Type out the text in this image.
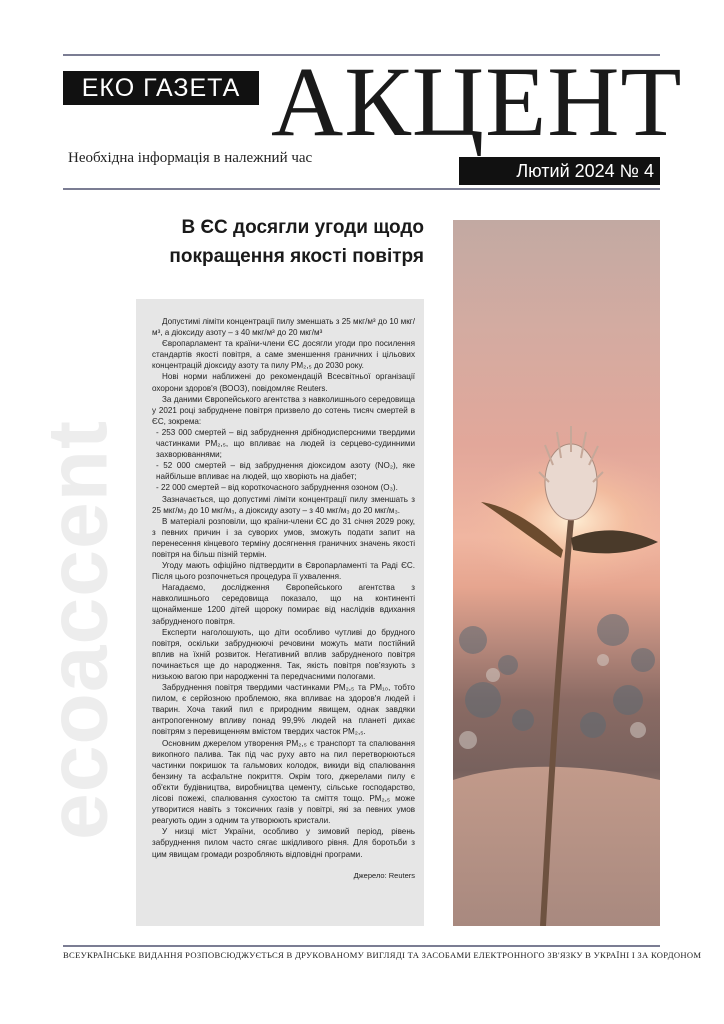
ЕКО ГАЗЕТА АКЦЕНТ
Необхідна інформація в належний час
Лютий 2024 № 4
ecoaccent
В ЄС досягли угоди щодо покращення якості повітря

Допустимі ліміти концентрації пилу зменшать з 25 мкг/м³ до 10 мкг/м³, а діоксиду азоту – з 40 мкг/м³ до 20 мкг/м³

Європарламент та країни-члени ЄС досягли угоди про посилення стандартів якості повітря, а саме зменшення граничних і цільових концентрацій діоксиду азоту та пилу PM₂,₅ до 2030 року.

Нові норми наближені до рекомендацій Всесвітньої організації охорони здоров'я (ВООЗ), повідомляє Reuters.

За даними Європейського агентства з навколишнього середовища у 2021 році забруднене повітря призвело до сотень тисяч смертей в ЄС, зокрема:

- 253 000 смертей – від забруднення дрібнодисперсними твердими частинками PM₂,₅, що впливає на людей із серцево-судинними захворюваннями;

- 52 000 смертей – від забруднення діоксидом азоту (NO₂), яке найбільше впливає на людей, що хворіють на діабет;

- 22 000 смертей – від короткочасного забруднення озоном (O₃).

Зазначається, що допустимі ліміти концентрації пилу зменшать з 25 мкг/м₃ до 10 мкг/м₃, а діоксиду азоту – з 40 мкг/м₃ до 20 мкг/м₃.

В матеріалі розповіли, що країни-члени ЄС до 31 січня 2029 року, з певних причин і за суворих умов, зможуть подати запит на перенесення кінцевого терміну досягнення граничних значень якості повітря на більш пізній термін.

Угоду мають офіційно підтвердити в Європарламенті та Раді ЄС. Після цього розпочнеться процедура її ухвалення.

Нагадаємо, дослідження Європейського агентства з навколишнього середовища показало, що на континенті щонайменше 1200 дітей щороку помирає від наслідків вдихання забрудненого повітря.

Експерти наголошують, що діти особливо чутливі до брудного повітря, оскільки забруднюючі речовини можуть мати постійний вплив на їхній розвиток. Негативний вплив забрудненого повітря починається ще до народження. Так, якість повітря пов'язують з низькою вагою при народженні та передчасними пологами.

Забруднення повітря твердими частинками PM₂,₅ та PM₁₀, тобто пилом, є серйозною проблемою, яка впливає на здоров'я людей і тварин. Хоча такий пил є природним явищем, однак завдяки антропогенному впливу понад 99,9% людей на планеті дихає повітрям з перевищенням вмістом твердих часток PM₂,₅.

Основним джерелом утворення PM₂,₅ є транспорт та спалювання викопного палива. Так під час руху авто на пил перетворюються частинки покришок та гальмових колодок, викиди від спалювання бензину та асфальтне покриття. Окрім того, джерелами пилу є об'єкти будівництва, виробництва цементу, сільське господарство, лісові пожежі, спалювання сухостою та сміття тощо. PM₂,₅ може утворитися навіть з токсичних газів у повітрі, які за певних умов реагують один з одним та утворюють кристали.

У низці міст України, особливо у зимовий період, рівень забруднення пилом часто сягає шкідливого рівня. Для боротьби з цим явищам громади розробляють відповідні програми.

Джерело: Reuters

ВСЕУКРАЇНСЬКЕ ВИДАННЯ РОЗПОВСЮДЖУЄТЬСЯ В ДРУКОВАНОМУ ВИГЛЯДІ ТА ЗАСОБАМИ ЕЛЕКТРОННОГО ЗВ'ЯЗКУ В УКРАЇНІ І ЗА КОРДОНОМ
